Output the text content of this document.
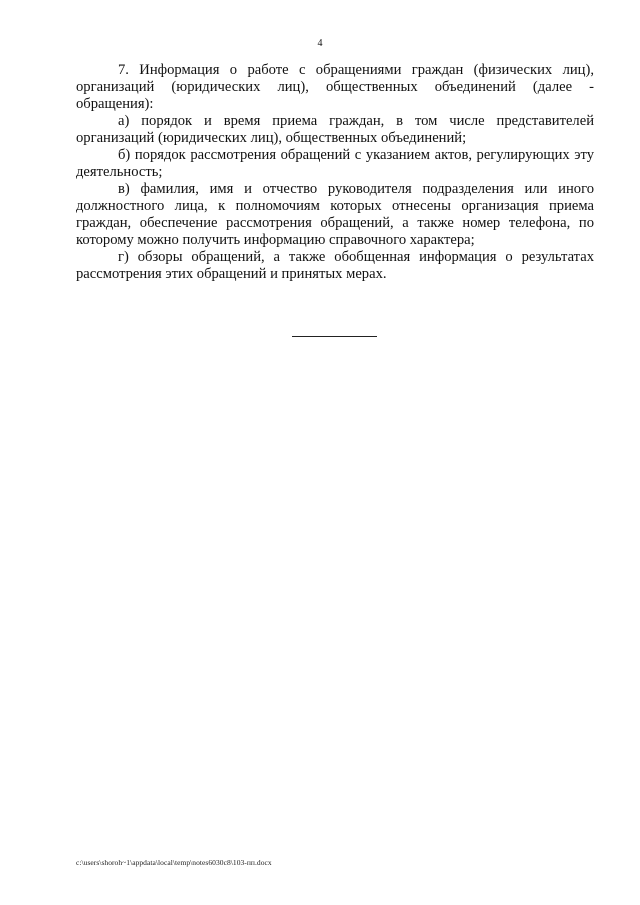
4

7. Информация о работе с обращениями граждан (физических лиц), организаций (юридических лиц), общественных объединений (далее - обращения):

а) порядок и время приема граждан, в том числе представителей организаций (юридических лиц), общественных объединений;

б) порядок рассмотрения обращений с указанием актов, регулирующих эту деятельность;

в) фамилия, имя и отчество руководителя подразделения или иного должностного лица, к полномочиям которых отнесены организация приема граждан, обеспечение рассмотрения обращений, а также номер телефона, по которому можно получить информацию справочного характера;

г) обзоры обращений, а также обобщенная информация о результатах рассмотрения этих обращений и принятых мерах.

c:\users\shoroh~1\appdata\local\temp\notes6030c8\103-пп.docx
